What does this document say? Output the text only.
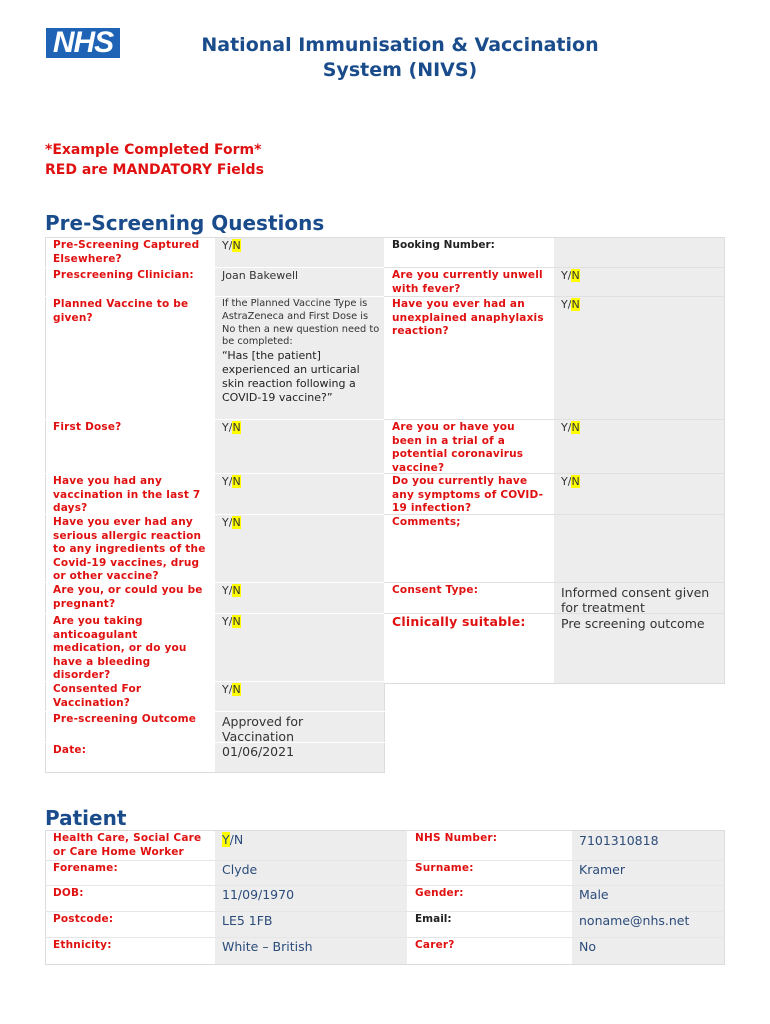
NHS	National Immunisation & Vaccination System (NIVS)
*Example Completed Form*
RED are MANDATORY Fields
Pre-Screening Questions
Pre-Screening Captured Elsewhere?
Prescreening Clinician:
Planned Vaccine to be given?
First Dose?
Have you had any vaccination in the last 7 days?
Have you ever had any serious allergic reaction to any ingredients of the Covid-19 vaccines, drug or other vaccine?
Are you, or could you be pregnant?
Are you taking anticoagulant medication, or do you have a bleeding disorder?
Consented For Vaccination?
Pre-screening Outcome
Date:
Y/N
Joan Bakewell
If the Planned Vaccine Type is AstraZeneca and First Dose is No then a new question need to be completed:
“Has [the patient] experienced an urticarial skin reaction following a COVID-19 vaccine?”
Y/N
Y/N
Y/N
Y/N
Y/N
Y/N
Approved for Vaccination
01/06/2021
Booking Number:
Are you currently unwell with fever?
Have you ever had an unexplained anaphylaxis reaction?
Are you or have you been in a trial of a potential coronavirus vaccine?
Do you currently have any symptoms of COVID-19 infection?
Comments;
Consent Type:
Clinically suitable:
Y/N
Y/N
Y/N
Y/N
Informed consent given for treatment
Pre screening outcome
Patient
Health Care, Social Care or Care Home Worker
Forename:
DOB:
Postcode:
Ethnicity:
Y/N
Clyde
11/09/1970
LE5 1FB
White – British
NHS Number:
Surname:
Gender:
Email:
Carer?
7101310818
Kramer
Male
noname@nhs.net
No
